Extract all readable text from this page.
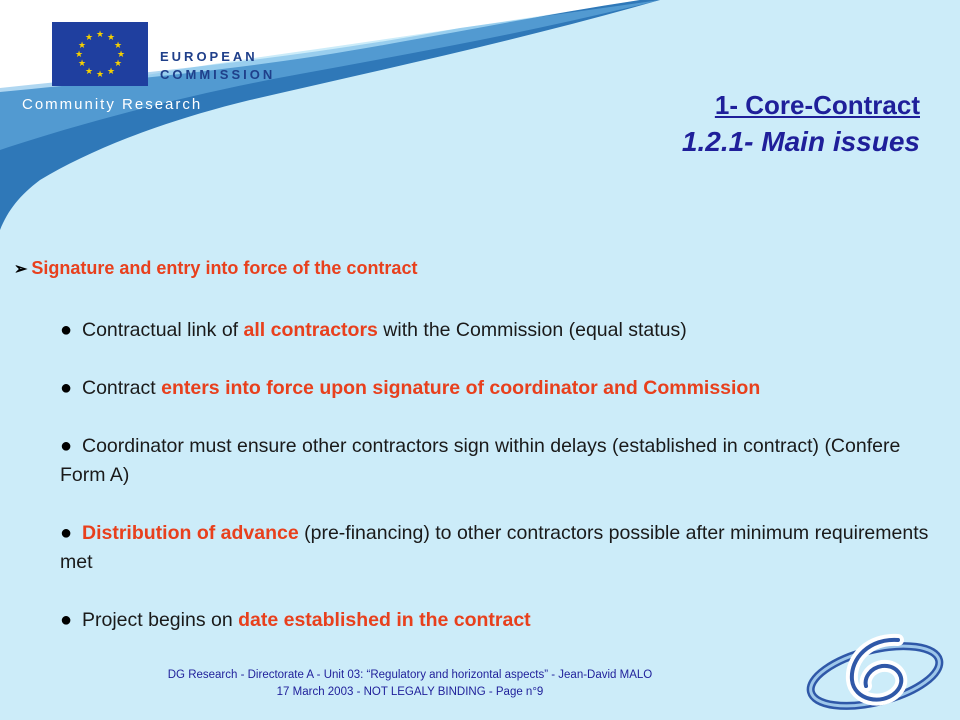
★ ★
★
★
★
★
★
★
★
★
★
★
EUROPEAN
COMMISSION
Community Research	1- Core-Contract
1.2.1- Main issues
➢ Signature and entry into force of the contract
● Contractual link of all contractors with the Commission (equal status)
● Contract enters into force upon signature of coordinator and Commission
● Coordinator must ensure other contractors sign within delays (established in contract) (Confere Form A)
● Distribution of advance (pre-financing) to other contractors possible after minimum requirements met
● Project begins on date established in the contract
DG Research - Directorate A - Unit 03: “Regulatory and horizontal aspects” - Jean-David MALO
17 March 2003 - NOT LEGALY BINDING - Page n°9
